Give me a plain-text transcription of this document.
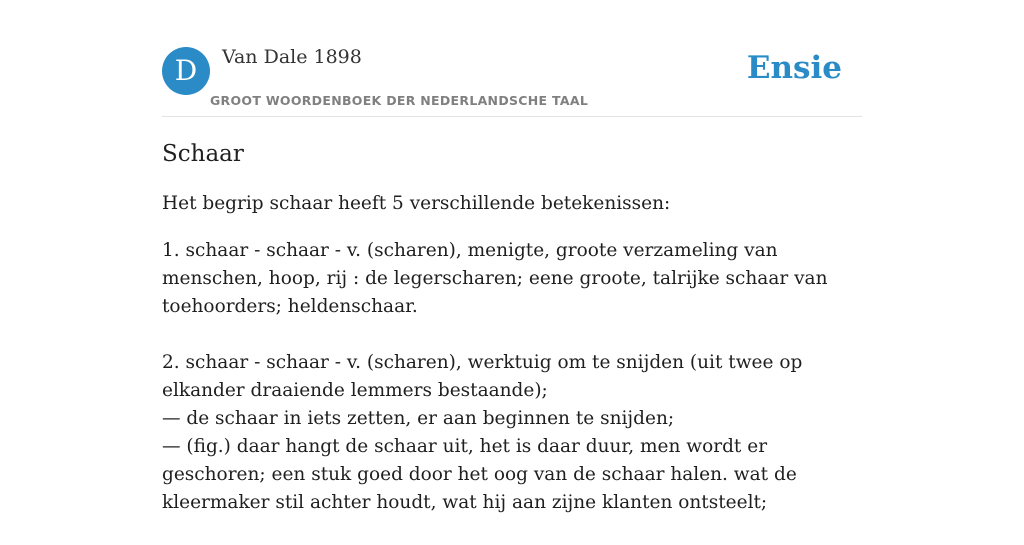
D	Van Dale 1898
GROOT WOORDENBOEK DER NEDERLANDSCHE TAAL
Ensie
Schaar

Het begrip schaar heeft 5 verschillende betekenissen:

1. schaar - schaar - v. (scharen), menigte, groote verzameling van menschen, hoop, rij : de legerscharen; eene groote, talrijke schaar van toehoorders; heldenschaar.
2. schaar - schaar - v. (scharen), werktuig om te snijden (uit twee op elkander draaiende lemmers bestaande);
— de schaar in iets zetten, er aan beginnen te snijden;
— (fig.) daar hangt de schaar uit, het is daar duur, men wordt er geschoren; een stuk goed door het oog van de schaar halen. wat de kleermaker stil achter houdt, wat hij aan zijne klanten ontsteelt;
